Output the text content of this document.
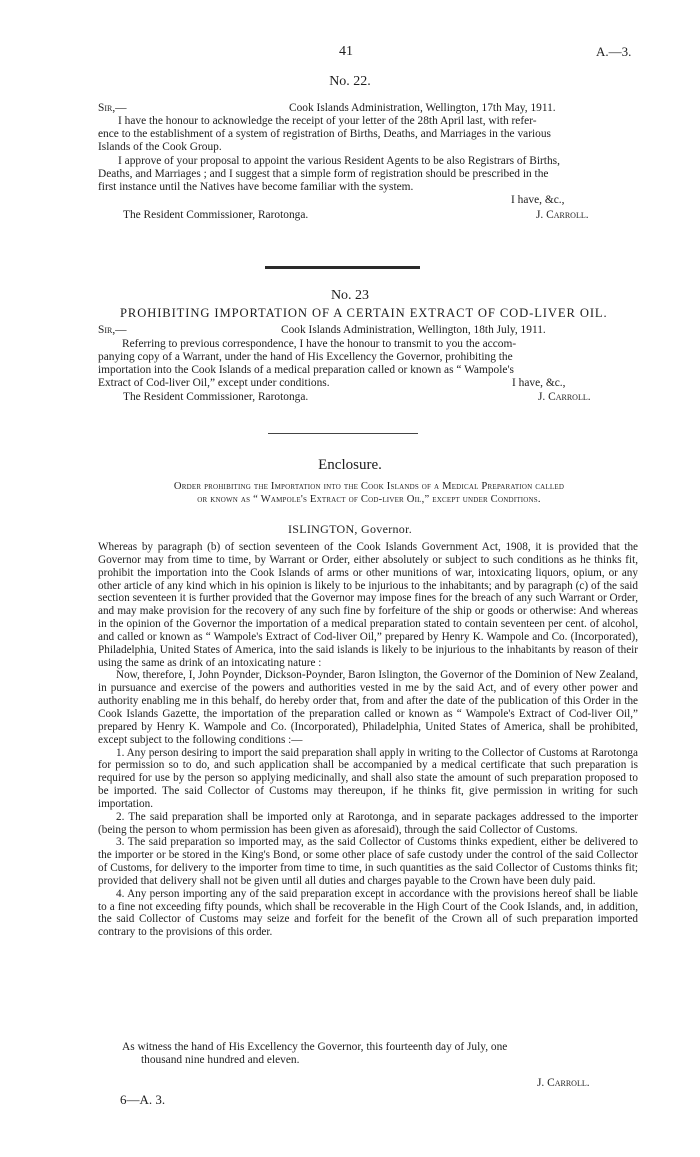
41	A.—3.
No. 22.
Sir,—	Cook Islands Administration, Wellington, 17th May, 1911.
I have the honour to acknowledge the receipt of your letter of the 28th April last, with refer-
ence to the establishment of a system of registration of Births, Deaths, and Marriages in the various
Islands of the Cook Group.
I approve of your proposal to appoint the various Resident Agents to be also Registrars of Births,
Deaths, and Marriages ; and I suggest that a simple form of registration should be prescribed in the
first instance until the Natives have become familiar with the system.
I have, &c.,
The Resident Commissioner, Rarotonga.	J. Carroll.
No. 23
PROHIBITING IMPORTATION OF A CERTAIN EXTRACT OF COD-LIVER OIL.
Sir,—	Cook Islands Administration, Wellington, 18th July, 1911.
Referring to previous correspondence, I have the honour to transmit to you the accom-
panying copy of a Warrant, under the hand of His Excellency the Governor, prohibiting the
importation into the Cook Islands of a medical preparation called or known as “ Wampole's
Extract of Cod-liver Oil,” except under conditions.	I have, &c.,
The Resident Commissioner, Rarotonga.	J. Carroll.
Enclosure.
Order prohibiting the Importation into the Cook Islands of a Medical Preparation called
or known as “ Wampole's Extract of Cod-liver Oil,” except under Conditions.
ISLINGTON, Governor.

Whereas by paragraph (b) of section seventeen of the Cook Islands Government Act, 1908, it is provided that the Governor may from time to time, by Warrant or Order, either absolutely or subject to such conditions as he thinks fit, prohibit the importation into the Cook Islands of arms or other munitions of war, intoxicating liquors, opium, or any other article of any kind which in his opinion is likely to be injurious to the inhabitants; and by paragraph (c) of the said section seventeen it is further provided that the Governor may impose fines for the breach of any such Warrant or Order, and may make provision for the recovery of any such fine by forfeiture of the ship or goods or otherwise: And whereas in the opinion of the Governor the importation of a medical preparation stated to contain seventeen per cent. of alcohol, and called or known as “ Wampole's Extract of Cod-liver Oil,” prepared by Henry K. Wampole and Co. (Incorporated), Philadelphia, United States of America, into the said islands is likely to be injurious to the inhabitants by reason of their using the same as drink of an intoxicating nature :

Now, therefore, I, John Poynder, Dickson-Poynder, Baron Islington, the Governor of the Dominion of New Zealand, in pursuance and exercise of the powers and authorities vested in me by the said Act, and of every other power and authority enabling me in this behalf, do hereby order that, from and after the date of the publication of this Order in the Cook Islands Gazette, the importation of the preparation called or known as “ Wampole's Extract of Cod-liver Oil,” prepared by Henry K. Wampole and Co. (Incorporated), Philadelphia, United States of America, shall be prohibited, except subject to the following conditions :—

1. Any person desiring to import the said preparation shall apply in writing to the Collector of Customs at Rarotonga for permission so to do, and such application shall be accompanied by a medical certificate that such preparation is required for use by the person so applying medicinally, and shall also state the amount of such preparation proposed to be imported. The said Collector of Customs may thereupon, if he thinks fit, give permission in writing for such importation.

2. The said preparation shall be imported only at Rarotonga, and in separate packages addressed to the importer (being the person to whom permission has been given as aforesaid), through the said Collector of Customs.

3. The said preparation so imported may, as the said Collector of Customs thinks expedient, either be delivered to the importer or be stored in the King's Bond, or some other place of safe custody under the control of the said Collector of Customs, for delivery to the importer from time to time, in such quantities as the said Collector of Customs thinks fit; provided that delivery shall not be given until all duties and charges payable to the Crown have been duly paid.

4. Any person importing any of the said preparation except in accordance with the provisions hereof shall be liable to a fine not exceeding fifty pounds, which shall be recoverable in the High Court of the Cook Islands, and, in addition, the said Collector of Customs may seize and forfeit for the benefit of the Crown all of such preparation imported contrary to the provisions of this order.

As witness the hand of His Excellency the Governor, this fourteenth day of July, one
thousand nine hundred and eleven.
J. Carroll.
6—A. 3.
